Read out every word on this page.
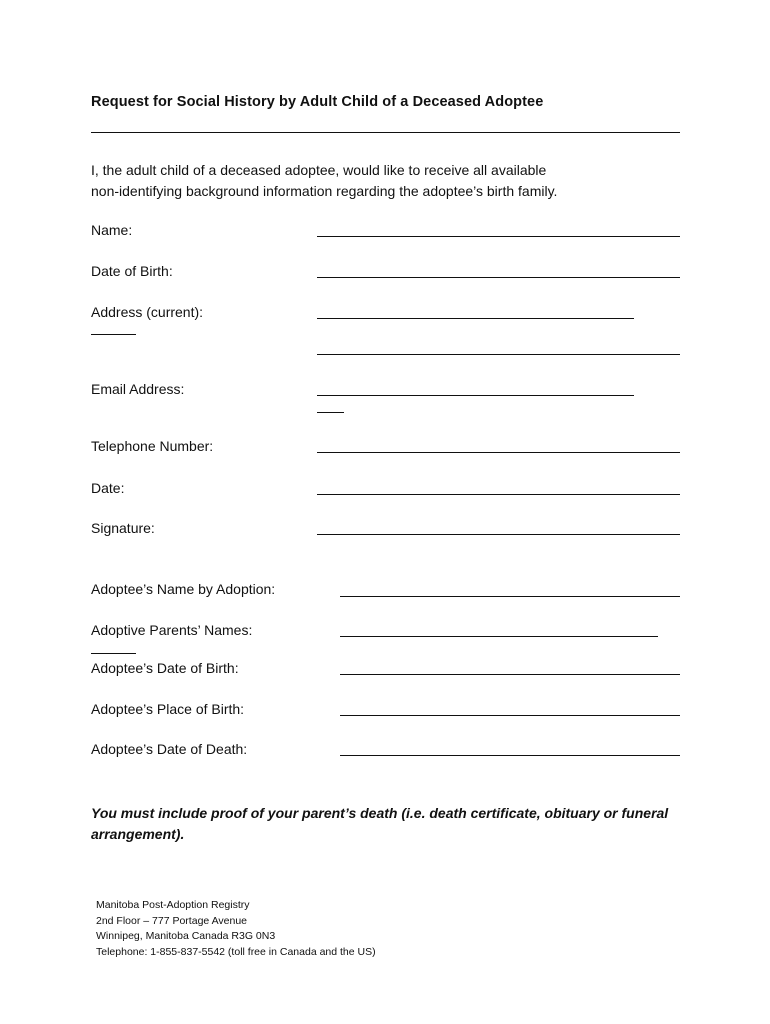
Request for Social History by Adult Child of a Deceased Adoptee
I, the adult child of a deceased adoptee, would like to receive all available
non-identifying background information regarding the adoptee’s birth family.
Name:
Date of Birth:
Address (current):
Email Address:
Telephone Number:
Date:
Signature:
Adoptee’s Name by Adoption:
Adoptive Parents’ Names:
Adoptee’s Date of Birth:
Adoptee’s Place of Birth:
Adoptee’s Date of Death:
You must include proof of your parent’s death (i.e. death certificate, obituary or funeral arrangement).
Manitoba Post-Adoption Registry
2nd Floor – 777 Portage Avenue
Winnipeg, Manitoba Canada R3G 0N3
Telephone: 1-855-837-5542 (toll free in Canada and the US)
